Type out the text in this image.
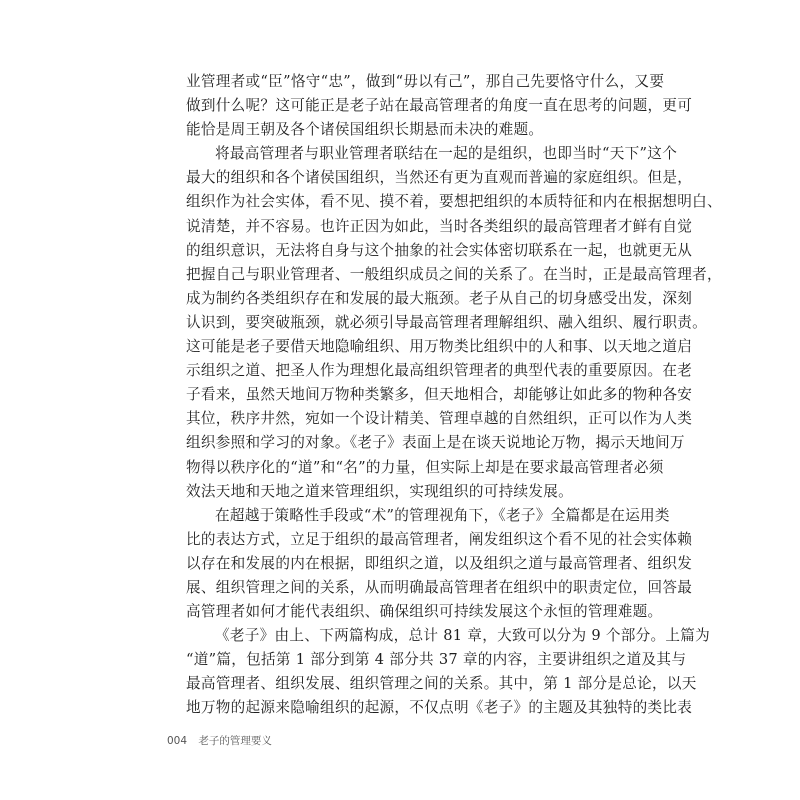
业管理者或“臣”恪守“忠”，做到“毋以有己”，那自己先要恪守什么，又要
做到什么呢？这可能正是老子站在最高管理者的角度一直在思考的问题，更可
能恰是周王朝及各个诸侯国组织长期悬而未决的难题。
将最高管理者与职业管理者联结在一起的是组织，也即当时“天下”这个
最大的组织和各个诸侯国组织，当然还有更为直观而普遍的家庭组织。但是，
组织作为社会实体，看不见、摸不着，要想把组织的本质特征和内在根据想明白、
说清楚，并不容易。也许正因为如此，当时各类组织的最高管理者才鲜有自觉
的组织意识，无法将自身与这个抽象的社会实体密切联系在一起，也就更无从
把握自己与职业管理者、一般组织成员之间的关系了。在当时，正是最高管理者，
成为制约各类组织存在和发展的最大瓶颈。老子从自己的切身感受出发，深刻
认识到，要突破瓶颈，就必须引导最高管理者理解组织、融入组织、履行职责。
这可能是老子要借天地隐喻组织、用万物类比组织中的人和事、以天地之道启
示组织之道、把圣人作为理想化最高组织管理者的典型代表的重要原因。在老
子看来，虽然天地间万物种类繁多，但天地相合，却能够让如此多的物种各安
其位，秩序井然，宛如一个设计精美、管理卓越的自然组织，正可以作为人类
组织参照和学习的对象。《老子》表面上是在谈天说地论万物，揭示天地间万
物得以秩序化的“道”和“名”的力量，但实际上却是在要求最高管理者必须
效法天地和天地之道来管理组织，实现组织的可持续发展。
在超越于策略性手段或“术”的管理视角下，《老子》全篇都是在运用类
比的表达方式，立足于组织的最高管理者，阐发组织这个看不见的社会实体赖
以存在和发展的内在根据，即组织之道，以及组织之道与最高管理者、组织发
展、组织管理之间的关系，从而明确最高管理者在组织中的职责定位，回答最
高管理者如何才能代表组织、确保组织可持续发展这个永恒的管理难题。
《老子》由上、下两篇构成，总计 81 章，大致可以分为 9 个部分。上篇为
“道”篇，包括第 1 部分到第 4 部分共 37 章的内容，主要讲组织之道及其与
最高管理者、组织发展、组织管理之间的关系。其中，第 1 部分是总论，以天
地万物的起源来隐喻组织的起源，不仅点明《老子》的主题及其独特的类比表
004 老子的管理要义
